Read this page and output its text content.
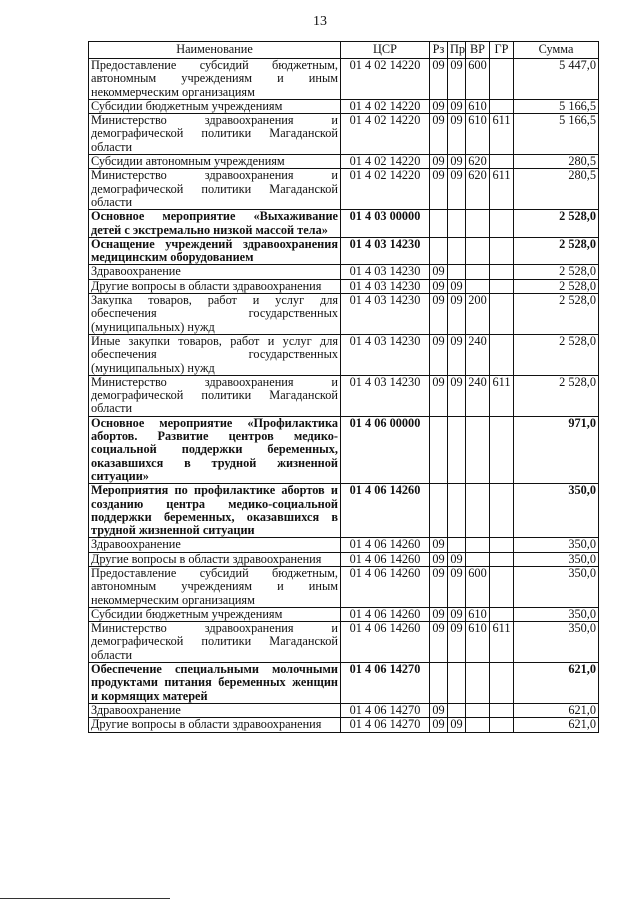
13
Наименование	ЦСР	Рз	Пр	ВР	ГР	Сумма
Предоставление субсидий бюджетным, автономным учреждениям и иным некоммерческим организациям	01 4 02 14220	09	09	600		5 447,0
Субсидии бюджетным учреждениям	01 4 02 14220	09	09	610		5 166,5
Министерство здравоохранения и демографической политики Магаданской области	01 4 02 14220	09	09	610	611	5 166,5
Субсидии автономным учреждениям	01 4 02 14220	09	09	620		280,5
Министерство здравоохранения и демографической политики Магаданской области	01 4 02 14220	09	09	620	611	280,5
Основное мероприятие «Выхаживание детей с экстремально низкой массой тела»	01 4 03 00000					2 528,0
Оснащение учреждений здравоохранения медицинским оборудованием	01 4 03 14230					2 528,0
Здравоохранение	01 4 03 14230	09				2 528,0
Другие вопросы в области здравоохранения	01 4 03 14230	09	09			2 528,0
Закупка товаров, работ и услуг для обеспечения государственных (муниципальных) нужд	01 4 03 14230	09	09	200		2 528,0
Иные закупки товаров, работ и услуг для обеспечения государственных (муниципальных) нужд	01 4 03 14230	09	09	240		2 528,0
Министерство здравоохранения и демографической политики Магаданской области	01 4 03 14230	09	09	240	611	2 528,0
Основное мероприятие «Профилактика абортов. Развитие центров медико-социальной поддержки беременных, оказавшихся в трудной жизненной ситуации»	01 4 06 00000					971,0
Мероприятия по профилактике абортов и созданию центра медико-социальной поддержки беременных, оказавшихся в трудной жизненной ситуации	01 4 06 14260					350,0
Здравоохранение	01 4 06 14260	09				350,0
Другие вопросы в области здравоохранения	01 4 06 14260	09	09			350,0
Предоставление субсидий бюджетным, автономным учреждениям и иным некоммерческим организациям	01 4 06 14260	09	09	600		350,0
Субсидии бюджетным учреждениям	01 4 06 14260	09	09	610		350,0
Министерство здравоохранения и демографической политики Магаданской области	01 4 06 14260	09	09	610	611	350,0
Обеспечение специальными молочными продуктами питания беременных женщин и кормящих матерей	01 4 06 14270					621,0
Здравоохранение	01 4 06 14270	09				621,0
Другие вопросы в области здравоохранения	01 4 06 14270	09	09			621,0
